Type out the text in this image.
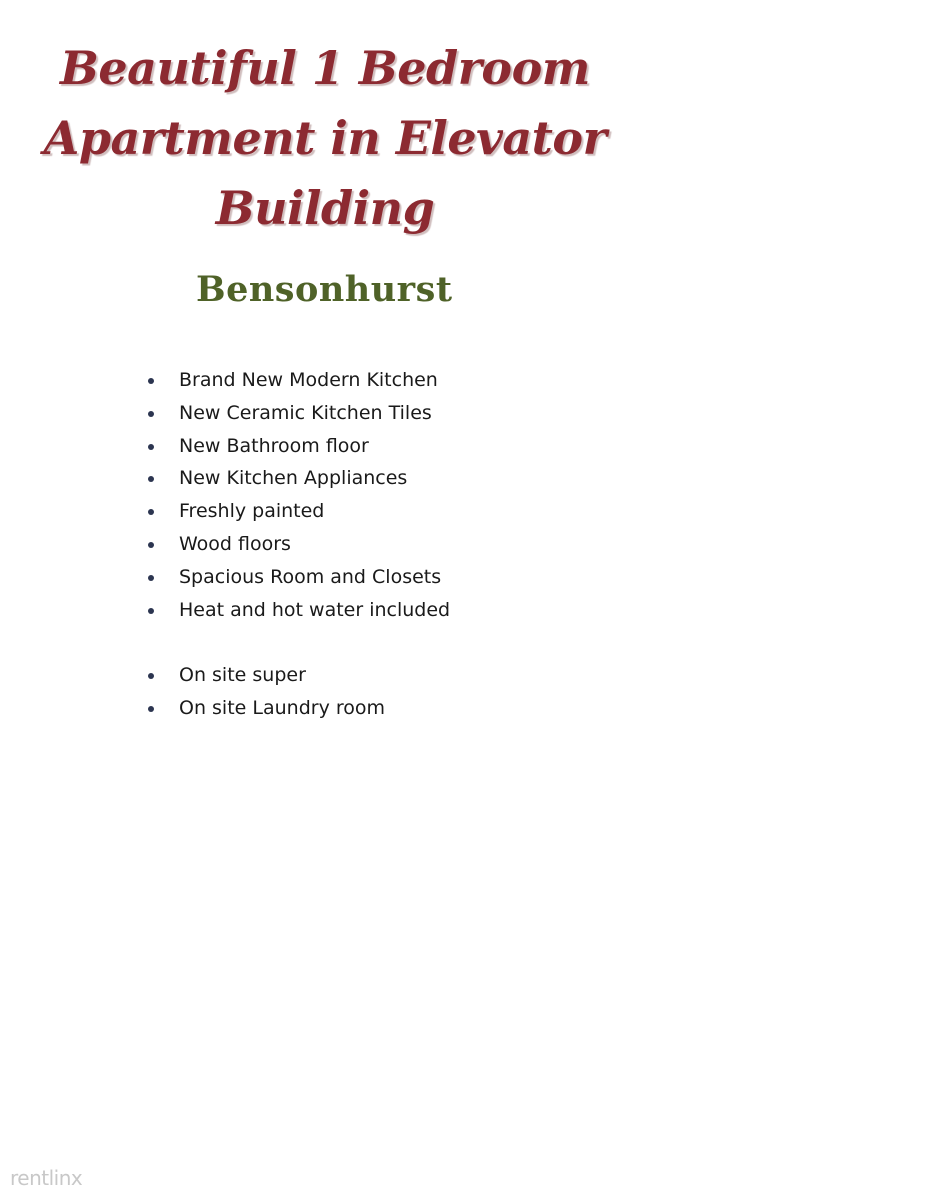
Beautiful 1 Bedroom
Apartment in Elevator
Building
Bensonhurst
Brand New Modern Kitchen
New Ceramic Kitchen Tiles
New Bathroom floor
New Kitchen Appliances
Freshly painted
Wood floors
Spacious Room and Closets
Heat and hot water included
On site super
On site Laundry room
rentlinx
